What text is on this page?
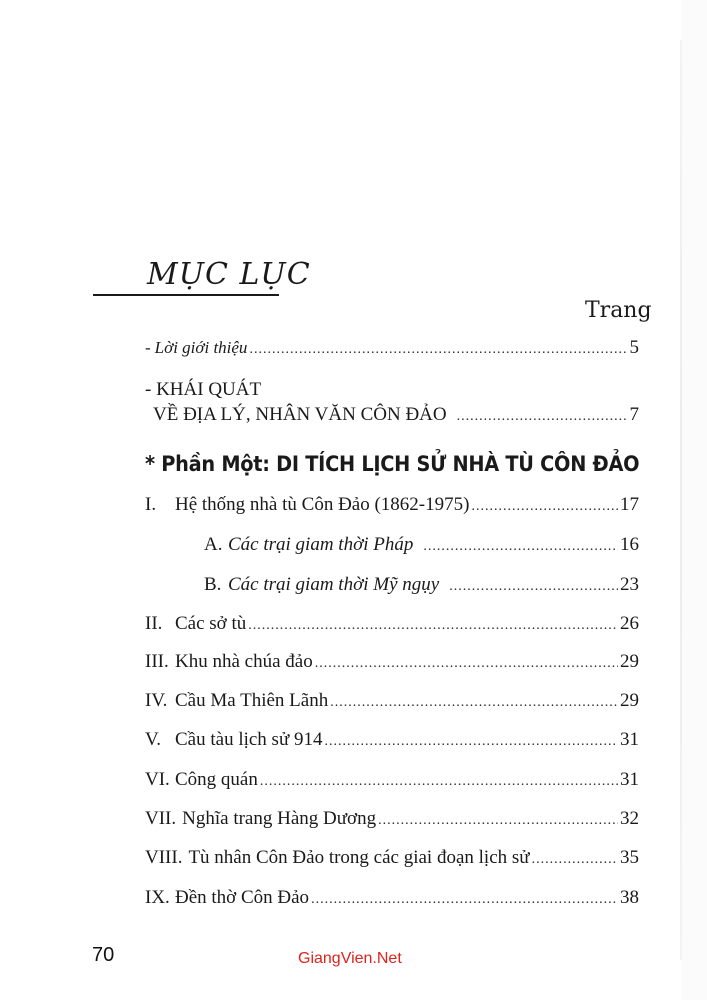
MỤC LỤC
Trang
- Lời giới thiệu .....	5
- KHÁI QUÁT
VỀ ĐỊA LÝ, NHÂN VĂN CÔN ĐẢO .....	7
* Phần Một: DI TÍCH LỊCH SỬ NHÀ TÙ CÔN ĐẢO
I. Hệ thống nhà tù Côn Đảo (1862-1975) .....	17
A. Các trại giam thời Pháp .....	16
B. Các trại giam thời Mỹ ngụy .....	23
II. Các sở tù .....	26
III. Khu nhà chúa đảo .....	29
IV. Cầu Ma Thiên Lãnh .....	29
V. Cầu tàu lịch sử 914 .....	31
VI. Công quán .....	31
VII. Nghĩa trang Hàng Dương .....	32
VIII. Tù nhân Côn Đảo trong các giai đoạn lịch sử .....	35
IX. Đền thờ Côn Đảo .....	38
70	GiangVien.Net
